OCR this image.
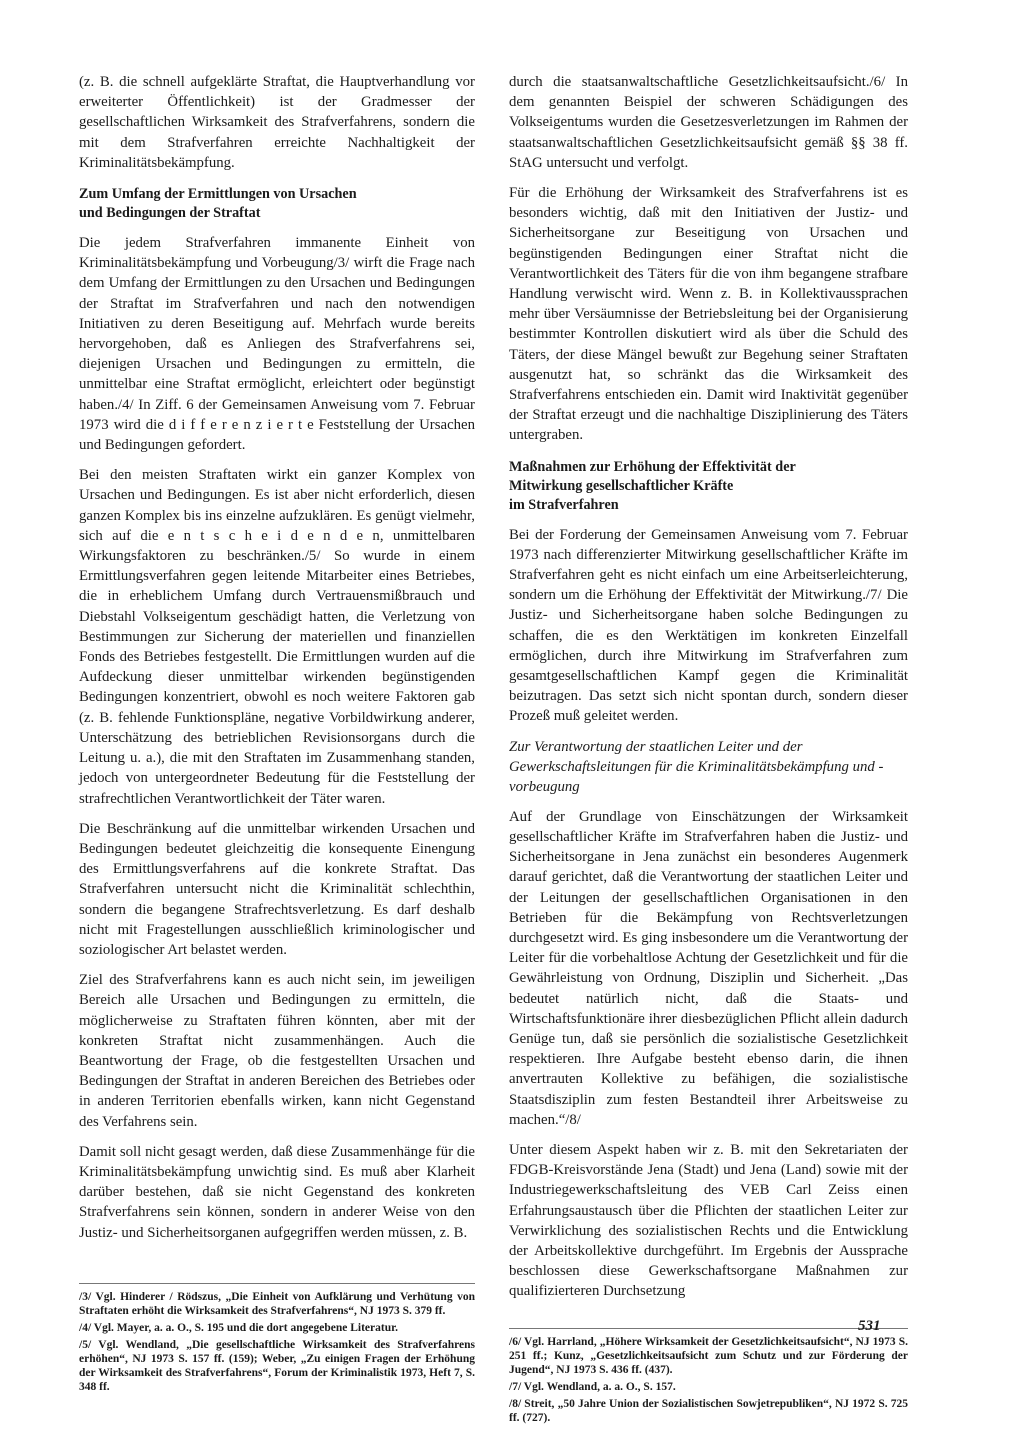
(z. B. die schnell aufgeklärte Straftat, die Hauptverhandlung vor erweiterter Öffentlichkeit) ist der Gradmesser der gesellschaftlichen Wirksamkeit des Strafverfahrens, sondern die mit dem Strafverfahren erreichte Nachhaltigkeit der Kriminalitätsbekämpfung.

Zum Umfang der Ermittlungen von Ursachen
und Bedingungen der Straftat

Die jedem Strafverfahren immanente Einheit von Kriminalitätsbekämpfung und Vorbeugung/3/ wirft die Frage nach dem Umfang der Ermittlungen zu den Ursachen und Bedingungen der Straftat im Strafverfahren und nach den notwendigen Initiativen zu deren Beseitigung auf. Mehrfach wurde bereits hervorgehoben, daß es Anliegen des Strafverfahrens sei, diejenigen Ursachen und Bedingungen zu ermitteln, die unmittelbar eine Straftat ermöglicht, erleichtert oder begünstigt haben./4/ In Ziff. 6 der Gemeinsamen Anweisung vom 7. Februar 1973 wird die d i f f e r e n z i e r t e Feststellung der Ursachen und Bedingungen gefordert.

Bei den meisten Straftaten wirkt ein ganzer Komplex von Ursachen und Bedingungen. Es ist aber nicht erforderlich, diesen ganzen Komplex bis ins einzelne aufzuklären. Es genügt vielmehr, sich auf die e n t s c h e i d e n d e n, unmittelbaren Wirkungsfaktoren zu beschränken./5/ So wurde in einem Ermittlungsverfahren gegen leitende Mitarbeiter eines Betriebes, die in erheblichem Umfang durch Vertrauensmißbrauch und Diebstahl Volkseigentum geschädigt hatten, die Verletzung von Bestimmungen zur Sicherung der materiellen und finanziellen Fonds des Betriebes festgestellt. Die Ermittlungen wurden auf die Aufdeckung dieser unmittelbar wirkenden begünstigenden Bedingungen konzentriert, obwohl es noch weitere Faktoren gab (z. B. fehlende Funktionspläne, negative Vorbildwirkung anderer, Unterschätzung des betrieblichen Revisionsorgans durch die Leitung u. a.), die mit den Straftaten im Zusammenhang standen, jedoch von untergeordneter Bedeutung für die Feststellung der strafrechtlichen Verantwortlichkeit der Täter waren.

Die Beschränkung auf die unmittelbar wirkenden Ursachen und Bedingungen bedeutet gleichzeitig die konsequente Einengung des Ermittlungsverfahrens auf die konkrete Straftat. Das Strafverfahren untersucht nicht die Kriminalität schlechthin, sondern die begangene Strafrechtsverletzung. Es darf deshalb nicht mit Fragestellungen ausschließlich kriminologischer und soziologischer Art belastet werden.

Ziel des Strafverfahrens kann es auch nicht sein, im jeweiligen Bereich alle Ursachen und Bedingungen zu ermitteln, die möglicherweise zu Straftaten führen könnten, aber mit der konkreten Straftat nicht zusammenhängen. Auch die Beantwortung der Frage, ob die festgestellten Ursachen und Bedingungen der Straftat in anderen Bereichen des Betriebes oder in anderen Territorien ebenfalls wirken, kann nicht Gegenstand des Verfahrens sein.

Damit soll nicht gesagt werden, daß diese Zusammenhänge für die Kriminalitätsbekämpfung unwichtig sind. Es muß aber Klarheit darüber bestehen, daß sie nicht Gegenstand des konkreten Strafverfahrens sein können, sondern in anderer Weise von den Justiz- und Sicherheitsorganen aufgegriffen werden müssen, z. B.

/3/ Vgl. Hinderer / Rödszus, „Die Einheit von Aufklärung und Verhütung von Straftaten erhöht die Wirksamkeit des Strafverfahrens“, NJ 1973 S. 379 ff.

/4/ Vgl. Mayer, a. a. O., S. 195 und die dort angegebene Literatur.

/5/ Vgl. Wendland, „Die gesellschaftliche Wirksamkeit des Strafverfahrens erhöhen“, NJ 1973 S. 157 ff. (159); Weber, „Zu einigen Fragen der Erhöhung der Wirksamkeit des Strafverfahrens“, Forum der Kriminalistik 1973, Heft 7, S. 348 ff.

durch die staatsanwaltschaftliche Gesetzlichkeitsaufsicht./6/ In dem genannten Beispiel der schweren Schädigungen des Volkseigentums wurden die Gesetzesverletzungen im Rahmen der staatsanwaltschaftlichen Gesetzlichkeitsaufsicht gemäß §§ 38 ff. StAG untersucht und verfolgt.

Für die Erhöhung der Wirksamkeit des Strafverfahrens ist es besonders wichtig, daß mit den Initiativen der Justiz- und Sicherheitsorgane zur Beseitigung von Ursachen und begünstigenden Bedingungen einer Straftat nicht die Verantwortlichkeit des Täters für die von ihm begangene strafbare Handlung verwischt wird. Wenn z. B. in Kollektivaussprachen mehr über Versäumnisse der Betriebsleitung bei der Organisierung bestimmter Kontrollen diskutiert wird als über die Schuld des Täters, der diese Mängel bewußt zur Begehung seiner Straftaten ausgenutzt hat, so schränkt das die Wirksamkeit des Strafverfahrens entschieden ein. Damit wird Inaktivität gegenüber der Straftat erzeugt und die nachhaltige Disziplinierung des Täters untergraben.

Maßnahmen zur Erhöhung der Effektivität der
Mitwirkung gesellschaftlicher Kräfte
im Strafverfahren

Bei der Forderung der Gemeinsamen Anweisung vom 7. Februar 1973 nach differenzierter Mitwirkung gesellschaftlicher Kräfte im Strafverfahren geht es nicht einfach um eine Arbeitserleichterung, sondern um die Erhöhung der Effektivität der Mitwirkung./7/ Die Justiz- und Sicherheitsorgane haben solche Bedingungen zu schaffen, die es den Werktätigen im konkreten Einzelfall ermöglichen, durch ihre Mitwirkung im Strafverfahren zum gesamtgesellschaftlichen Kampf gegen die Kriminalität beizutragen. Das setzt sich nicht spontan durch, sondern dieser Prozeß muß geleitet werden.

Zur Verantwortung der staatlichen Leiter und der Gewerkschaftsleitungen für die Kriminalitätsbekämpfung und -vorbeugung

Auf der Grundlage von Einschätzungen der Wirksamkeit gesellschaftlicher Kräfte im Strafverfahren haben die Justiz- und Sicherheitsorgane in Jena zunächst ein besonderes Augenmerk darauf gerichtet, daß die Verantwortung der staatlichen Leiter und der Leitungen der gesellschaftlichen Organisationen in den Betrieben für die Bekämpfung von Rechtsverletzungen durchgesetzt wird. Es ging insbesondere um die Verantwortung der Leiter für die vorbehaltlose Achtung der Gesetzlichkeit und für die Gewährleistung von Ordnung, Disziplin und Sicherheit. „Das bedeutet natürlich nicht, daß die Staats- und Wirtschaftsfunktionäre ihrer diesbezüglichen Pflicht allein dadurch Genüge tun, daß sie persönlich die sozialistische Gesetzlichkeit respektieren. Ihre Aufgabe besteht ebenso darin, die ihnen anvertrauten Kollektive zu befähigen, die sozialistische Staatsdisziplin zum festen Bestandteil ihrer Arbeitsweise zu machen.“/8/

Unter diesem Aspekt haben wir z. B. mit den Sekretariaten der FDGB-Kreisvorstände Jena (Stadt) und Jena (Land) sowie mit der Industriegewerkschaftsleitung des VEB Carl Zeiss einen Erfahrungsaustausch über die Pflichten der staatlichen Leiter zur Verwirklichung des sozialistischen Rechts und die Entwicklung der Arbeitskollektive durchgeführt. Im Ergebnis der Aussprache beschlossen diese Gewerkschaftsorgane Maßnahmen zur qualifizierteren Durchsetzung

/6/ Vgl. Harrland, „Höhere Wirksamkeit der Gesetzlichkeitsaufsicht“, NJ 1973 S. 251 ff.; Kunz, „Gesetzlichkeitsaufsicht zum Schutz und zur Förderung der Jugend“, NJ 1973 S. 436 ff. (437).

/7/ Vgl. Wendland, a. a. O., S. 157.

/8/ Streit, „50 Jahre Union der Sozialistischen Sowjetrepubliken“, NJ 1972 S. 725 ff. (727).

531
